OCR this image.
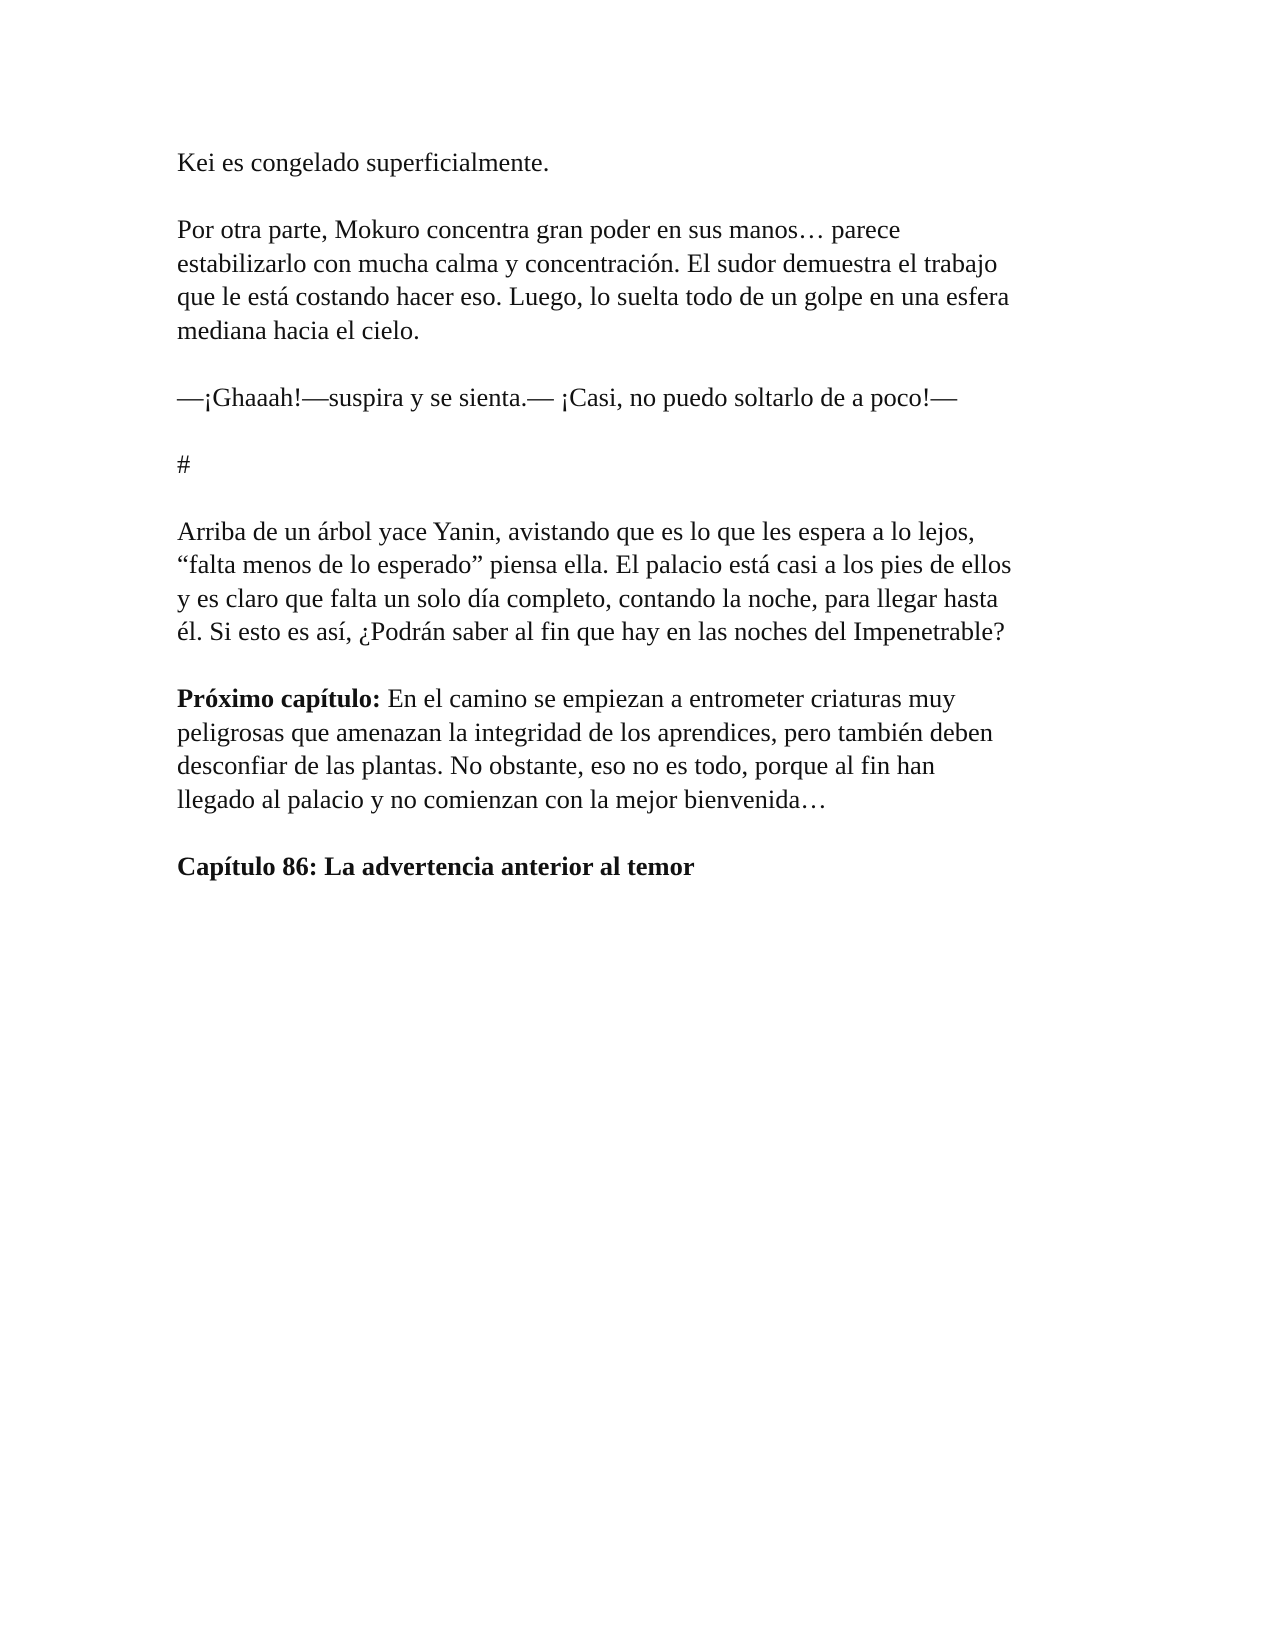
Kei es congelado superficialmente.

Por otra parte, Mokuro concentra gran poder en sus manos… parece
estabilizarlo con mucha calma y concentración. El sudor demuestra el trabajo
que le está costando hacer eso. Luego, lo suelta todo de un golpe en una esfera
mediana hacia el cielo.

—¡Ghaaah!—suspira y se sienta.— ¡Casi, no puedo soltarlo de a poco!—

#

Arriba de un árbol yace Yanin, avistando que es lo que les espera a lo lejos,
“falta menos de lo esperado” piensa ella. El palacio está casi a los pies de ellos
y es claro que falta un solo día completo, contando la noche, para llegar hasta
él. Si esto es así, ¿Podrán saber al fin que hay en las noches del Impenetrable?

Próximo capítulo: En el camino se empiezan a entrometer criaturas muy
peligrosas que amenazan la integridad de los aprendices, pero también deben
desconfiar de las plantas. No obstante, eso no es todo, porque al fin han
llegado al palacio y no comienzan con la mejor bienvenida…

Capítulo 86: La advertencia anterior al temor
